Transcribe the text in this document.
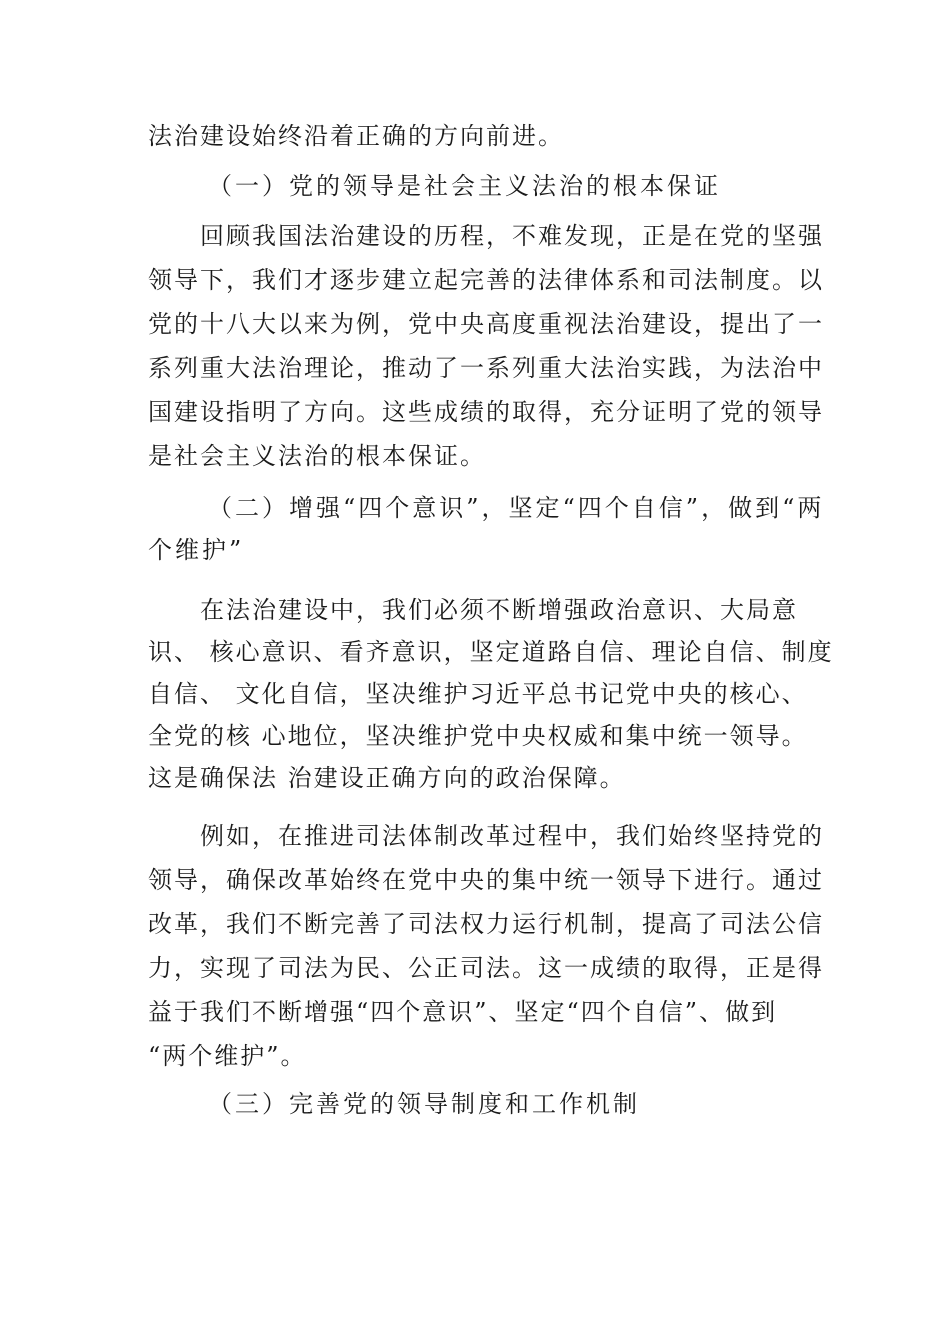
法治建设始终沿着正确的方向前进。
（一）党的领导是社会主义法治的根本保证
回顾我国法治建设的历程，不难发现，正是在党的坚强
领导下，我们才逐步建立起完善的法律体系和司法制度。以
党的十八大以来为例，党中央高度重视法治建设，提出了一
系列重大法治理论，推动了一系列重大法治实践，为法治中
国建设指明了方向。这些成绩的取得，充分证明了党的领导
是社会主义法治的根本保证。
（二）增强“四个意识”，坚定“四个自信”，做到“两
个维护”
在法治建设中，我们必须不断增强政治意识、大局意
识、 核心意识、看齐意识，坚定道路自信、理论自信、制度
自信、 文化自信，坚决维护习近平总书记党中央的核心、
全党的核 心地位，坚决维护党中央权威和集中统一领导。
这是确保法 治建设正确方向的政治保障。
例如，在推进司法体制改革过程中，我们始终坚持党的
领导，确保改革始终在党中央的集中统一领导下进行。通过
改革，我们不断完善了司法权力运行机制，提高了司法公信
力，实现了司法为民、公正司法。这一成绩的取得，正是得
益于我们不断增强“四个意识”、坚定“四个自信”、做到
“两个维护”。
（三）完善党的领导制度和工作机制
